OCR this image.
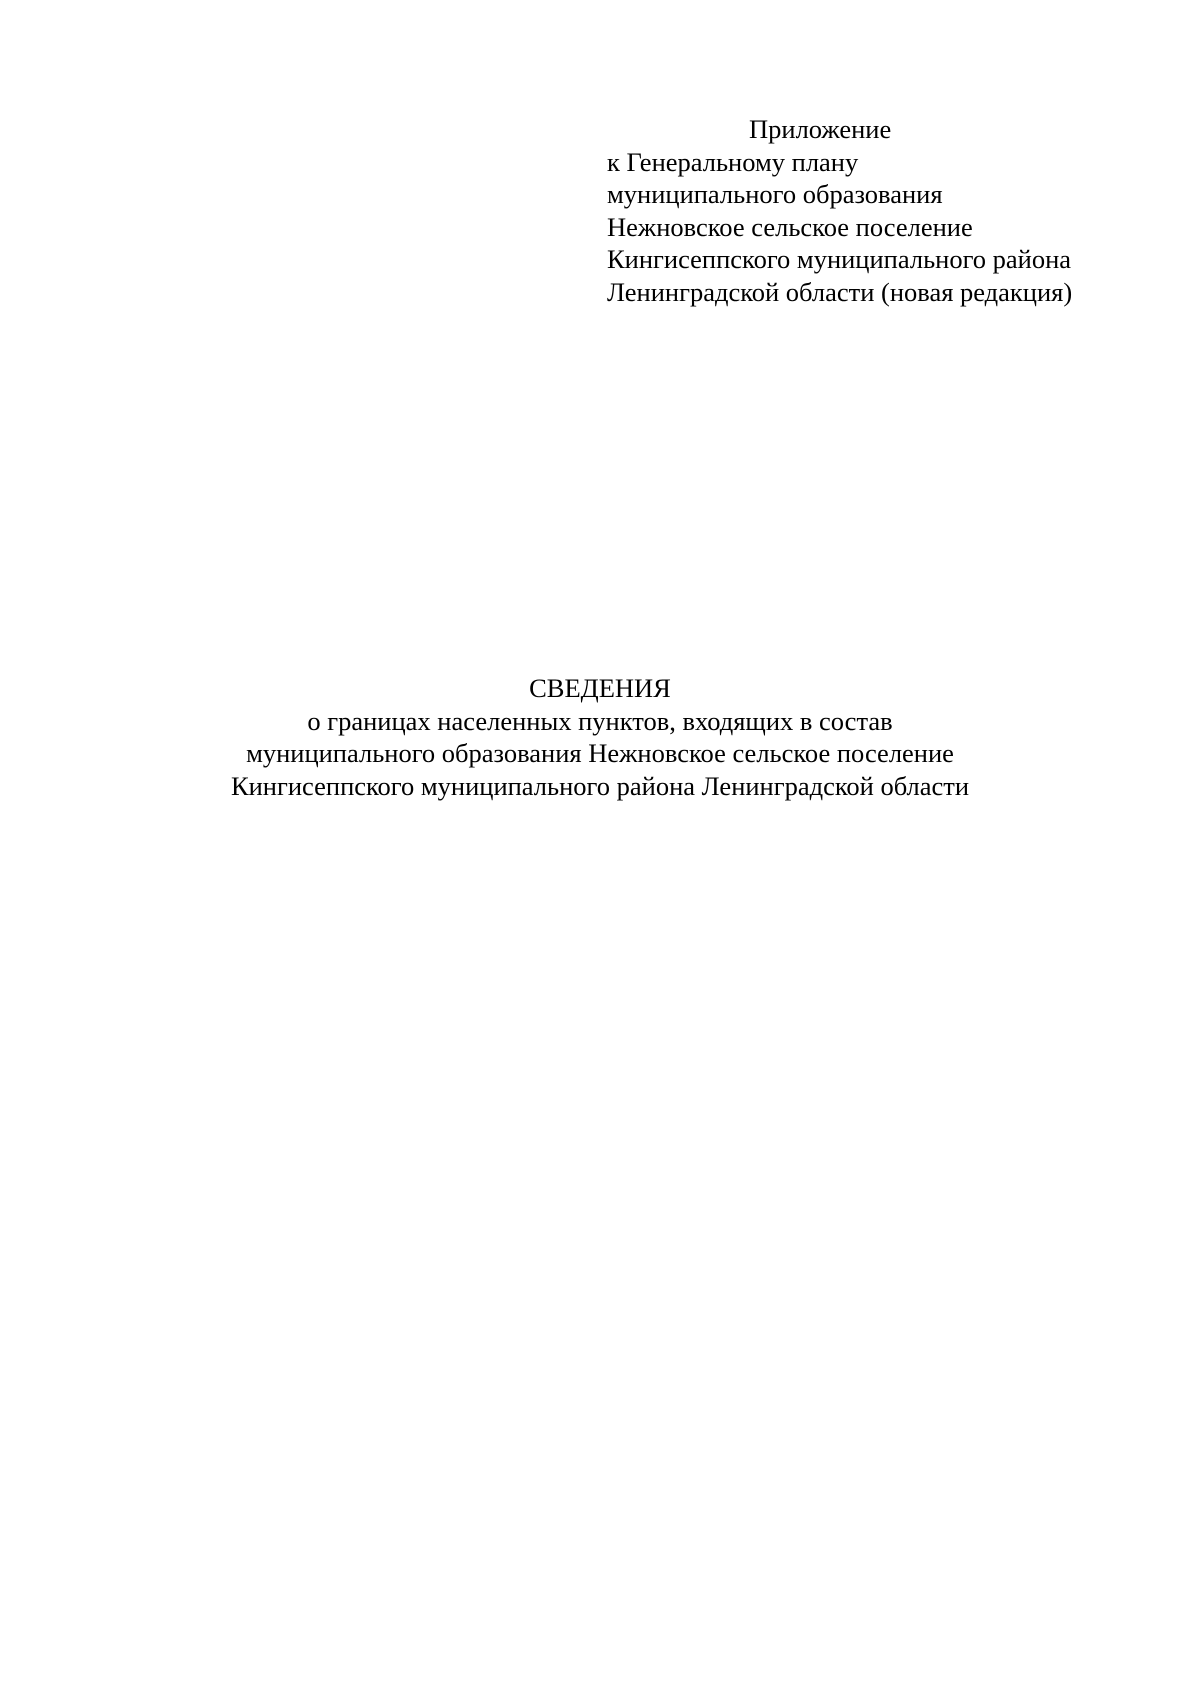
Приложение
к Генеральному плану
муниципального образования
Нежновское сельское поселение
Кингисеппского муниципального района
Ленинградской области (новая редакция)
СВЕДЕНИЯ
о границах населенных пунктов, входящих в состав
муниципального образования Нежновское сельское поселение
Кингисеппского муниципального района Ленинградской области
